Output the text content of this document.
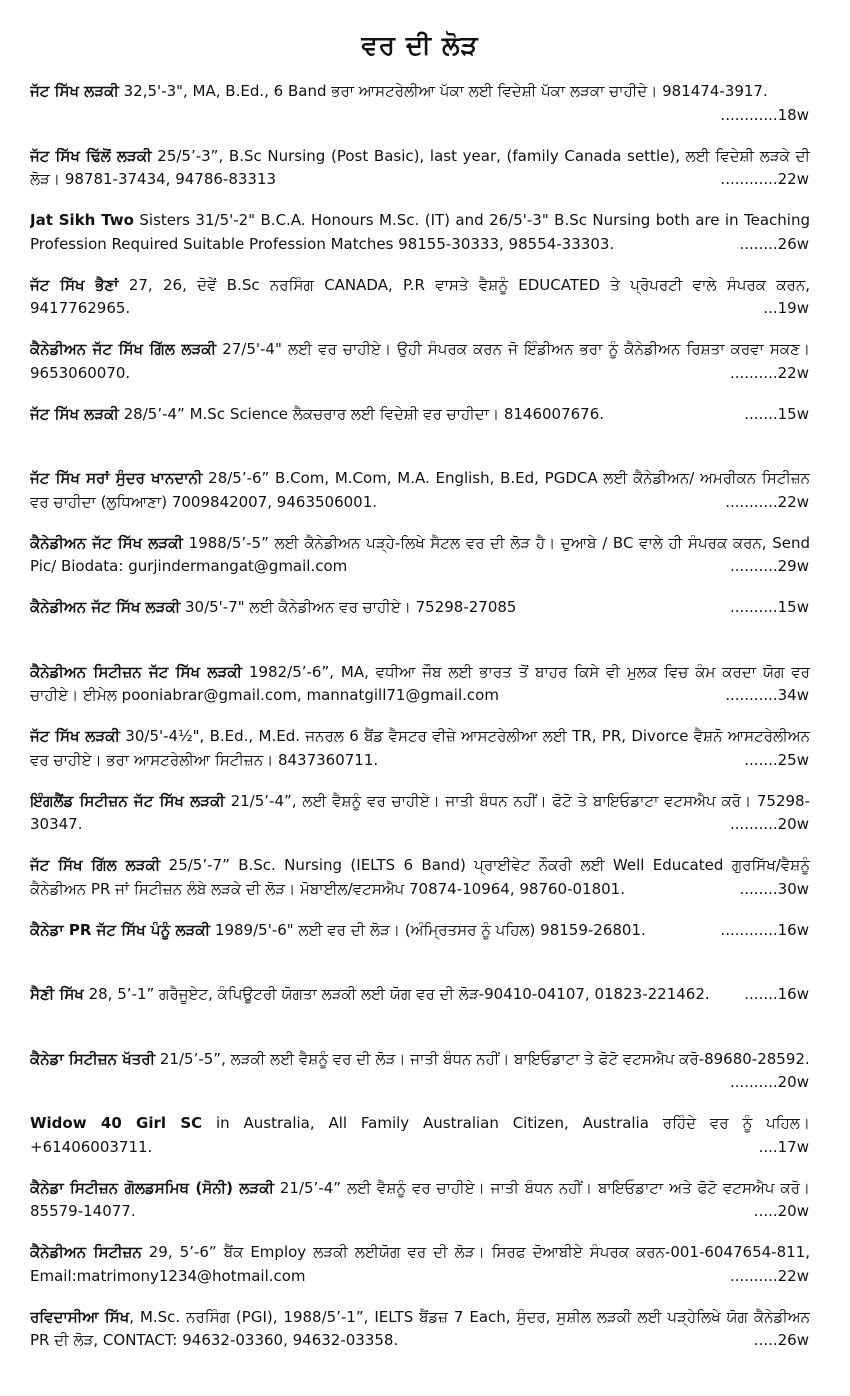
ਵਰ ਦੀ ਲੋੜ
ਜੱਟ ਸਿੱਖ ਲੜਕੀ 32,5'-3", MA, B.Ed., 6 Band ਭਰਾ ਆਸਟਰੇਲੀਆ ਪੱਕਾ ਲਈ ਵਿਦੇਸ਼ੀ ਪੱਕਾ ਲੜਕਾ ਚਾਹੀਦੇ। 981474-3917.
............18w
ਜੱਟ ਸਿੱਖ ਢਿੱਲੋਂ ਲੜਕੀ 25/5’-3”, B.Sc Nursing (Post Basic), last year, (family Canada settle), ਲਈ ਵਿਦੇਸ਼ੀ ਲੜਕੇ ਦੀ ਲੋੜ। 98781-37434, 94786-83313	............22w
Jat Sikh Two Sisters 31/5'-2" B.C.A. Honours M.Sc. (IT) and 26/5'-3" B.Sc Nursing both are in Teaching Profession Required Suitable Profession Matches 98155-30333, 98554-33303.	........26w
ਜੱਟ ਸਿੱਖ ਭੈਣਾਂ 27, 26, ਦੋਵੇਂ B.Sc ਨਰਸਿੰਗ CANADA, P.R ਵਾਸਤੇ ਵੈਸ਼ਨੂੰ EDUCATED ਤੇ ਪ੍ਰੋਪਰਟੀ ਵਾਲੇ ਸੰਪਰਕ ਕਰਨ, 9417762965.	...19w
ਕੈਨੇਡੀਅਨ ਜੱਟ ਸਿੱਖ ਗਿੱਲ ਲੜਕੀ 27/5'-4" ਲਈ ਵਰ ਚਾਹੀਏ। ਉਹੀ ਸੰਪਰਕ ਕਰਨ ਜੋ ਇੰਡੀਅਨ ਭਰਾ ਨੂੰ ਕੈਨੇਡੀਅਨ ਰਿਸ਼ਤਾ ਕਰਵਾ ਸਕਣ। 9653060070.	..........22w
ਜੱਟ ਸਿੱਖ ਲੜਕੀ 28/5’-4” M.Sc Science ਲੈਕਚਰਾਰ ਲਈ ਵਿਦੇਸ਼ੀ ਵਰ ਚਾਹੀਦਾ। 8146007676.	.......15w
ਜੱਟ ਸਿੱਖ ਸਰਾਂ ਸੁੰਦਰ ਖਾਨਦਾਨੀ 28/5’-6” B.Com, M.Com, M.A. English, B.Ed, PGDCA ਲਈ ਕੈਨੇਡੀਅਨ/ ਅਮਰੀਕਨ ਸਿਟੀਜ਼ਨ ਵਰ ਚਾਹੀਦਾ (ਲੁਧਿਆਣਾ) 7009842007, 9463506001.	...........22w
ਕੈਨੇਡੀਅਨ ਜੱਟ ਸਿੱਖ ਲੜਕੀ 1988/5’-5” ਲਈ ਕੈਨੇਡੀਅਨ ਪੜ੍ਹੇ-ਲਿਖੇ ਸੈਟਲ ਵਰ ਦੀ ਲੋੜ ਹੈ। ਦੁਆਬੇ / BC ਵਾਲੇ ਹੀ ਸੰਪਰਕ ਕਰਨ, Send Pic/ Biodata: gurjindermangat@gmail.com	..........29w
ਕੈਨੇਡੀਅਨ ਜੱਟ ਸਿੱਖ ਲੜਕੀ 30/5'-7" ਲਈ ਕੈਨੇਡੀਅਨ ਵਰ ਚਾਹੀਏ। 75298-27085	..........15w
ਕੈਨੇਡੀਅਨ ਸਿਟੀਜ਼ਨ ਜੱਟ ਸਿੱਖ ਲੜਕੀ 1982/5’-6”, MA, ਵਧੀਆ ਜੌਬ ਲਈ ਭਾਰਤ ਤੋਂ ਬਾਹਰ ਕਿਸੇ ਵੀ ਮੁਲਕ ਵਿਚ ਕੰਮ ਕਰਦਾ ਯੋਗ ਵਰ ਚਾਹੀਏ। ਈਮੇਲ pooniabrar@gmail.com, mannatgill71@gmail.com	...........34w
ਜੱਟ ਸਿੱਖ ਲੜਕੀ 30/5'-4½", B.Ed., M.Ed. ਜਨਰਲ 6 ਬੈਂਡ ਵੈਸਟਰ ਵੀਜ਼ੇ ਆਸਟਰੇਲੀਆ ਲਈ TR, PR, Divorce ਵੈਸ਼ਨੋ ਆਸਟਰੇਲੀਅਨ ਵਰ ਚਾਹੀਏ। ਭਰਾ ਆਸਟਰੇਲੀਆ ਸਿਟੀਜ਼ਨ। 8437360711.	.......25w
ਇੰਗਲੈਂਡ ਸਿਟੀਜ਼ਨ ਜੱਟ ਸਿੱਖ ਲੜਕੀ 21/5’-4”, ਲਈ ਵੈਸ਼ਨੂੰ ਵਰ ਚਾਹੀਏ। ਜਾਤੀ ਬੰਧਨ ਨਹੀਂ। ਫੋਟੋ ਤੇ ਬਾਇਓਡਾਟਾ ਵਟਸਐਪ ਕਰੋ। 75298-30347.	..........20w
ਜੱਟ ਸਿੱਖ ਗਿੱਲ ਲੜਕੀ 25/5’-7” B.Sc. Nursing (IELTS 6 Band) ਪ੍ਰਾਈਵੇਟ ਨੌਕਰੀ ਲਈ Well Educated ਗੁਰਸਿੱਖ/ਵੈਸ਼ਨੂੰ ਕੈਨੇਡੀਅਨ PR ਜਾਂ ਸਿਟੀਜ਼ਨ ਲੰਬੇ ਲੜਕੇ ਦੀ ਲੋੜ। ਮੋਬਾਈਲ/ਵਟਸਐਪ 70874-10964, 98760-01801.	........30w
ਕੈਨੇਡਾ PR ਜੱਟ ਸਿੱਖ ਪੰਨੂੰ ਲੜਕੀ 1989/5'-6" ਲਈ ਵਰ ਦੀ ਲੋੜ। (ਅੰਮ੍ਰਿਤਸਰ ਨੂੰ ਪਹਿਲ) 98159-26801.	............16w
ਸੈਣੀ ਸਿੱਖ 28, 5’-1” ਗਰੈਜੂਏਟ, ਕੰਪਿਊਟਰੀ ਯੋਗਤਾ ਲੜਕੀ ਲਈ ਯੋਗ ਵਰ ਦੀ ਲੋੜ-90410-04107, 01823-221462. .......16w
ਕੈਨੇਡਾ ਸਿਟੀਜ਼ਨ ਖੱਤਰੀ 21/5’-5”, ਲੜਕੀ ਲਈ ਵੈਸ਼ਨੂੰ ਵਰ ਦੀ ਲੋੜ। ਜਾਤੀ ਬੰਧਨ ਨਹੀਂ। ਬਾਇਓਡਾਟਾ ਤੇ ਫੋਟੋ ਵਟਸਐਪ ਕਰੋ-89680-28592.
..........20w
Widow 40 Girl SC in Australia, All Family Australian Citizen, Australia ਰਹਿੰਦੇ ਵਰ ਨੂੰ ਪਹਿਲ। +61406003711.	....17w
ਕੈਨੇਡਾ ਸਿਟੀਜ਼ਨ ਗੋਲਡਸਮਿਥ (ਸੋਨੀ) ਲੜਕੀ 21/5’-4” ਲਈ ਵੈਸ਼ਨੂੰ ਵਰ ਚਾਹੀਏ। ਜਾਤੀ ਬੰਧਨ ਨਹੀਂ। ਬਾਇਓਡਾਟਾ ਅਤੇ ਫੋਟੋ ਵਟਸਐਪ ਕਰੋ। 85579-14077.	.....20w
ਕੈਨੇਡੀਅਨ ਸਿਟੀਜ਼ਨ 29, 5’-6” ਬੈਂਕ Employ ਲੜਕੀ ਲਈਯੋਗ ਵਰ ਦੀ ਲੋੜ। ਸਿਰਫ ਦੋਆਬੀਏ ਸੰਪਰਕ ਕਰਨ-001-6047654-811, Email:matrimony1234@hotmail.com	..........22w
ਰਵਿਦਾਸੀਆ ਸਿੱਖ, M.Sc. ਨਰਸਿੰਗ (PGI), 1988/5’-1”, IELTS ਬੈਂਡਜ਼ 7 Each, ਸੁੰਦਰ, ਸੁਸ਼ੀਲ ਲੜਕੀ ਲਈ ਪੜ੍ਹੇਲਿਖੇ ਯੋਗ ਕੈਨੇਡੀਅਨ PR ਦੀ ਲੋੜ, CONTACT: 94632-03360, 94632-03358.	.....26w
